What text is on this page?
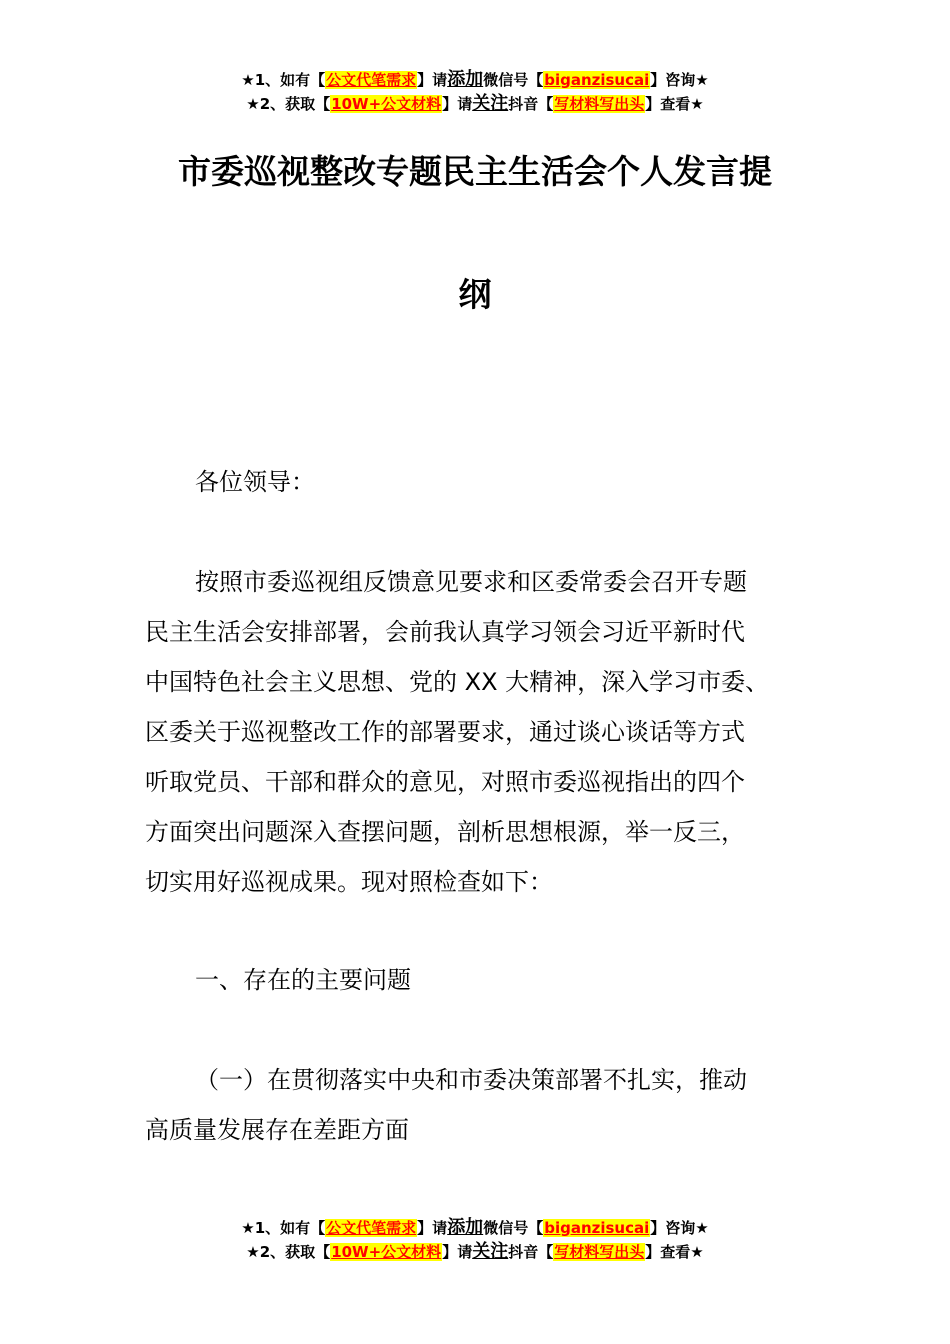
★1、如有【公文代笔需求】请添加微信号【biganzisucai】咨询★
★2、获取【10W+公文材料】请关注抖音【写材料写出头】查看★
市委巡视整改专题民主生活会个人发言提
纲

各位领导：

按照市委巡视组反馈意见要求和区委常委会召开专题
民主生活会安排部署，会前我认真学习领会习近平新时代
中国特色社会主义思想、党的 XX 大精神，深入学习市委、
区委关于巡视整改工作的部署要求，通过谈心谈话等方式
听取党员、干部和群众的意见，对照市委巡视指出的四个
方面突出问题深入查摆问题，剖析思想根源，举一反三，
切实用好巡视成果。现对照检查如下：

一、存在的主要问题

（一）在贯彻落实中央和市委决策部署不扎实，推动
高质量发展存在差距方面
★1、如有【公文代笔需求】请添加微信号【biganzisucai】咨询★
★2、获取【10W+公文材料】请关注抖音【写材料写出头】查看★
